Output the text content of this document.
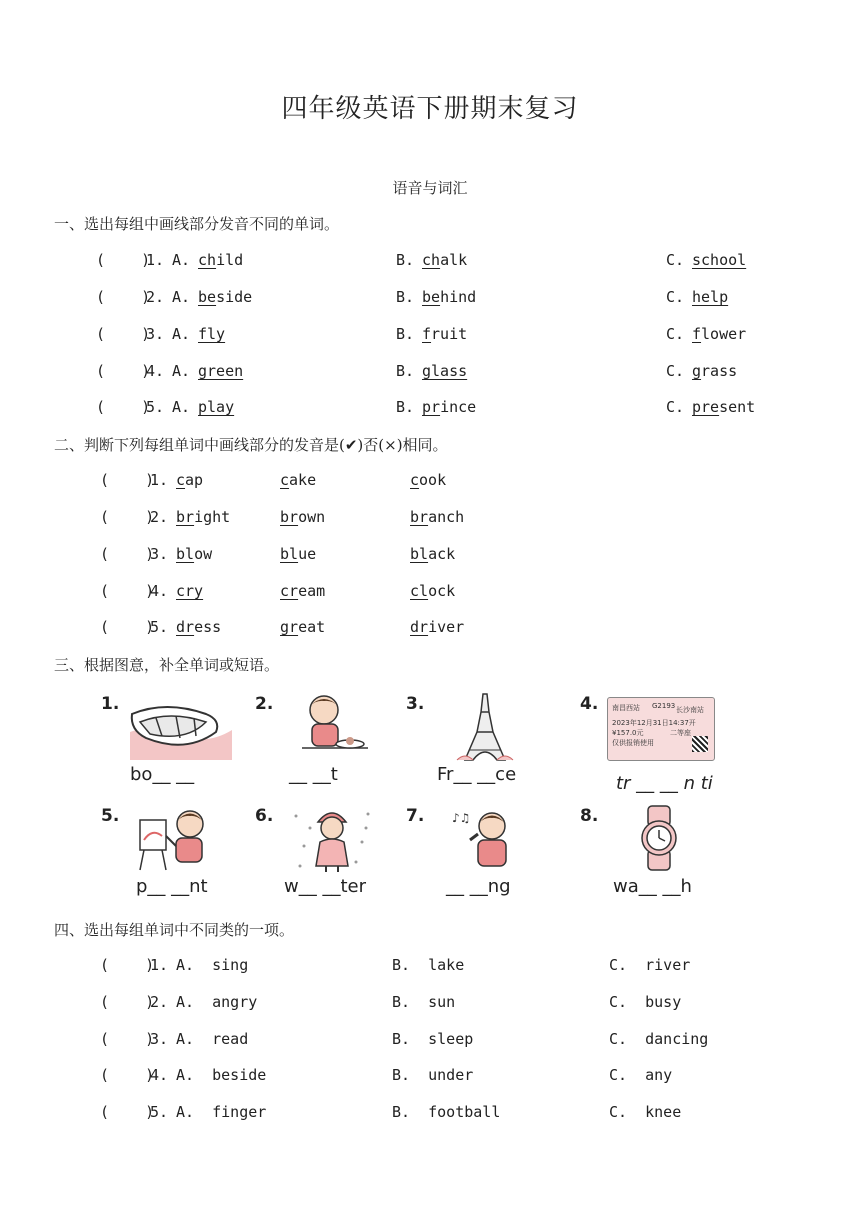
四年级英语下册期末复习
语音与词汇
一、选出每组中画线部分发音不同的单词。
(    )
1. A. child	B. chalk	C. school
(    )
2. A. beside	B. behind	C. help
(    )
3. A. fly	B. fruit	C. flower
(    )
4. A. green	B. glass	C. grass
(    )
5. A. play	B. prince	C. present
二、判断下列每组单词中画线部分的发音是(✔)否(×)相同。
(    )
1. cap	cake	cook
(    )
2. bright	brown	branch
(    )
3. blow	blue	black
(    )
4. cry	cream	clock
(    )
5. dress	great	driver
三、根据图意，补全单词或短语。
1.
bo__ __
2.
__ __t
3.
Fr__ __ce
4. 南昌西站 G2193 长沙南站
2023年12月31日14:37开
¥157.0元	二等座
仅供报销使用
tr __ __ n ti
5.
p__ __nt
6.
w__ __ter
7. ♪♫
__ __ng
8.
wa__ __h
四、选出每组单词中不同类的一项。
(    )
1. A.  sing	B.  lake	C.  river
(    )
2. A.  angry	B.  sun	C.  busy
(    )
3. A.  read	B.  sleep	C.  dancing
(    )
4. A.  beside	B.  under	C.  any
(    )
5. A.  finger	B.  football	C.  knee
